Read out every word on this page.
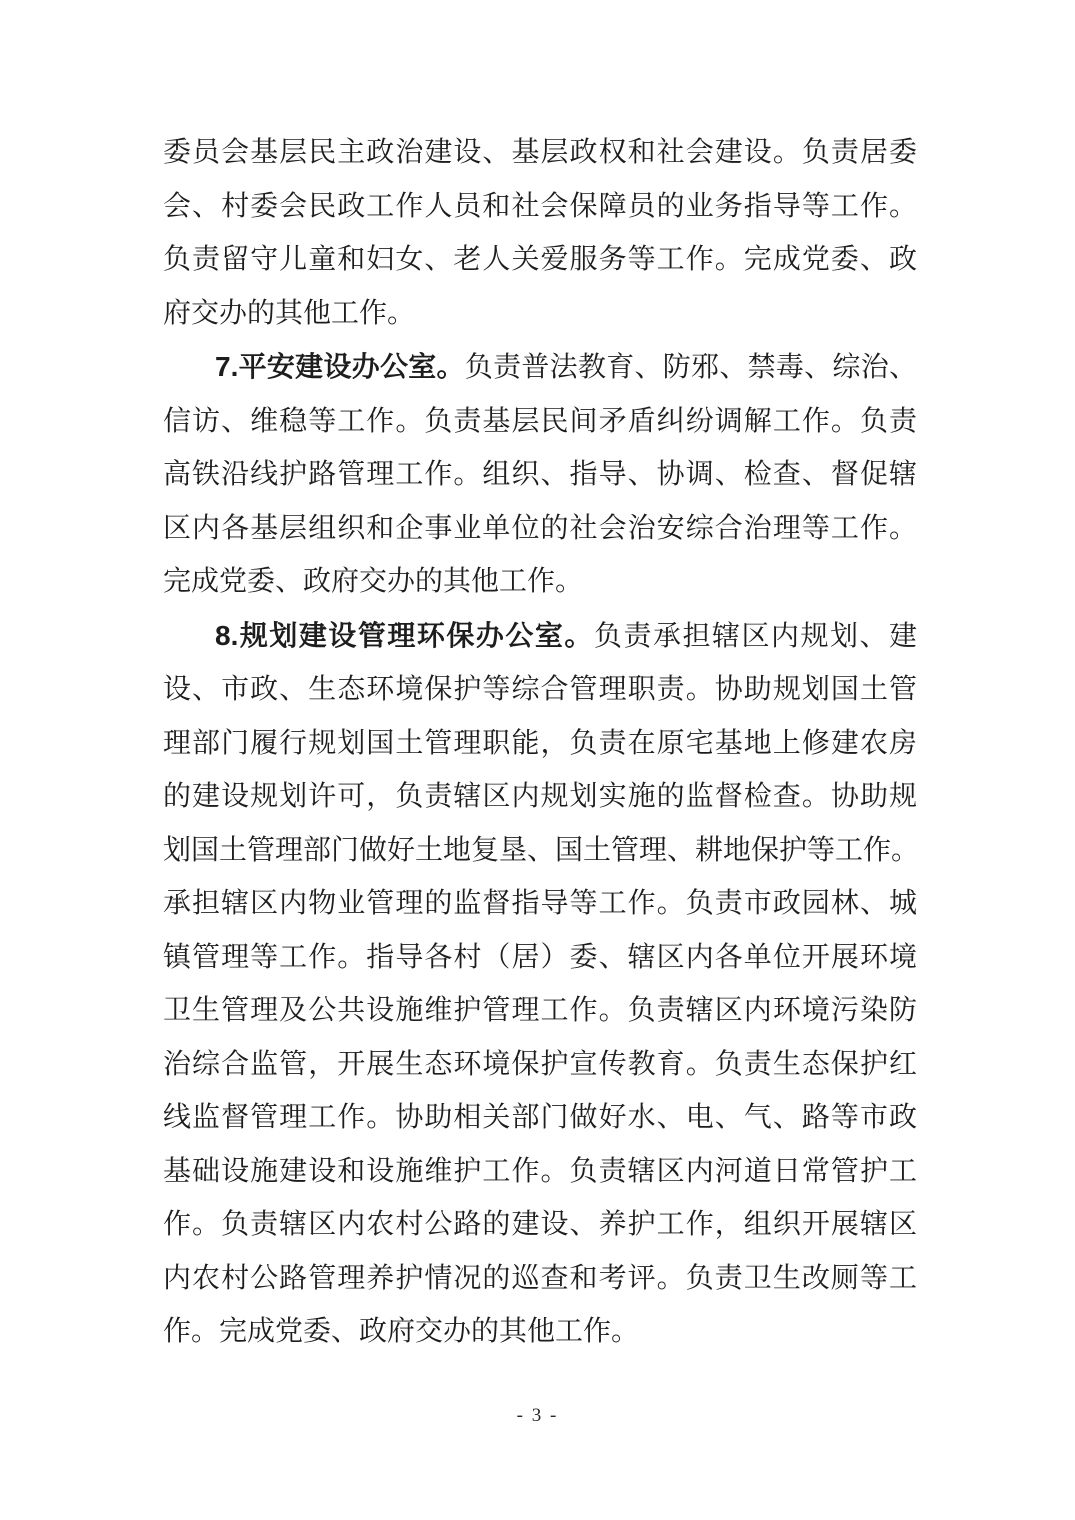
委员会基层民主政治建设、基层政权和社会建设。负责居委
会、村委会民政工作人员和社会保障员的业务指导等工作。
负责留守儿童和妇女、老人关爱服务等工作。完成党委、政
府交办的其他工作。
7.平安建设办公室。负责普法教育、防邪、禁毒、综治、
信访、维稳等工作。负责基层民间矛盾纠纷调解工作。负责
高铁沿线护路管理工作。组织、指导、协调、检查、督促辖
区内各基层组织和企事业单位的社会治安综合治理等工作。
完成党委、政府交办的其他工作。
8.规划建设管理环保办公室。负责承担辖区内规划、建
设、市政、生态环境保护等综合管理职责。协助规划国土管
理部门履行规划国土管理职能，负责在原宅基地上修建农房
的建设规划许可，负责辖区内规划实施的监督检查。协助规
划国土管理部门做好土地复垦、国土管理、耕地保护等工作。
承担辖区内物业管理的监督指导等工作。负责市政园林、城
镇管理等工作。指导各村（居）委、辖区内各单位开展环境
卫生管理及公共设施维护管理工作。负责辖区内环境污染防
治综合监管，开展生态环境保护宣传教育。负责生态保护红
线监督管理工作。协助相关部门做好水、电、气、路等市政
基础设施建设和设施维护工作。负责辖区内河道日常管护工
作。负责辖区内农村公路的建设、养护工作，组织开展辖区
内农村公路管理养护情况的巡查和考评。负责卫生改厕等工
作。完成党委、政府交办的其他工作。
- 3 -
